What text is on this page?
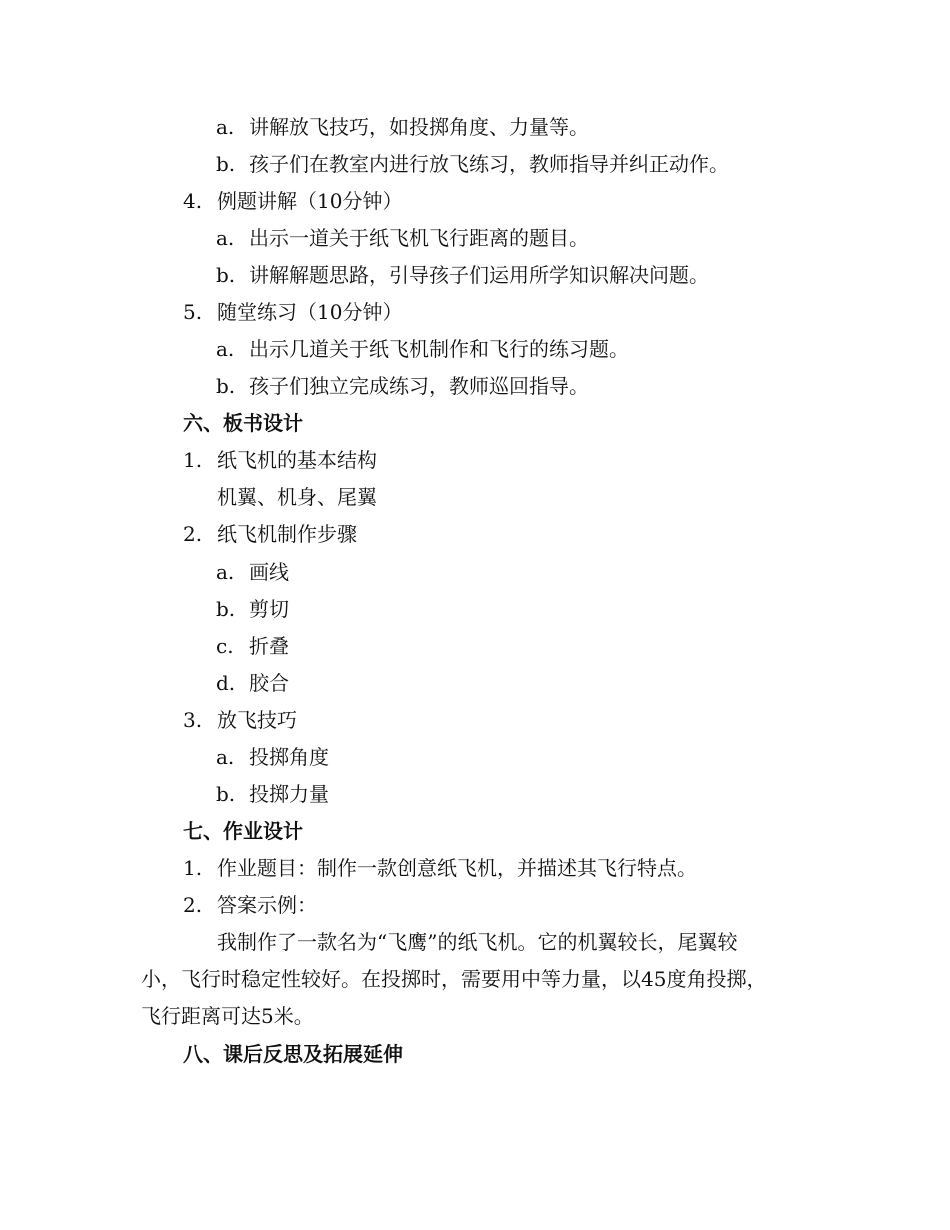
a. 讲解放飞技巧，如投掷角度、力量等。
b. 孩子们在教室内进行放飞练习，教师指导并纠正动作。
4. 例题讲解（10分钟）
a. 出示一道关于纸飞机飞行距离的题目。
b. 讲解解题思路，引导孩子们运用所学知识解决问题。
5. 随堂练习（10分钟）
a. 出示几道关于纸飞机制作和飞行的练习题。
b. 孩子们独立完成练习，教师巡回指导。
六、板书设计
1. 纸飞机的基本结构
机翼、机身、尾翼
2. 纸飞机制作步骤
a. 画线
b. 剪切
c. 折叠
d. 胶合
3. 放飞技巧
a. 投掷角度
b. 投掷力量
七、作业设计
1. 作业题目：制作一款创意纸飞机，并描述其飞行特点。
2. 答案示例：
我制作了一款名为“飞鹰”的纸飞机。它的机翼较长，尾翼较
小，飞行时稳定性较好。在投掷时，需要用中等力量，以45度角投掷，
飞行距离可达5米。
八、课后反思及拓展延伸
